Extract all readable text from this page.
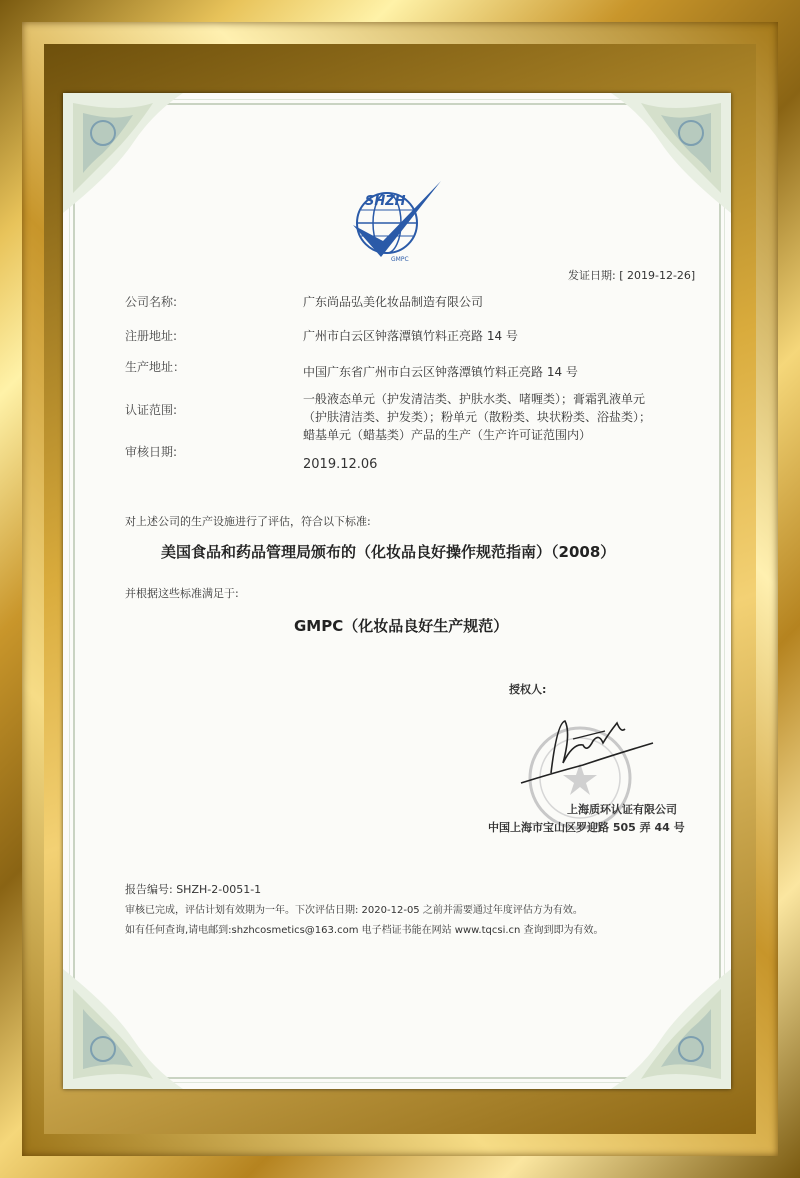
SHZH
GMPC
发证日期: [ 2019-12-26]
公司名称:	广东尚品弘美化妆品制造有限公司
注册地址:	广州市白云区钟落潭镇竹料正亮路 14 号
生产地址：	中国广东省广州市白云区钟落潭镇竹料正亮路 14 号
认证范围:
一般液态单元（护发清洁类、护肤水类、啫喱类）；膏霜乳液单元
（护肤清洁类、护发类）；粉单元（散粉类、块状粉类、浴盐类）；
蜡基单元（蜡基类）产品的生产（生产许可证范围内）
审核日期:
2019.12.06
对上述公司的生产设施进行了评估，符合以下标准:
美国食品和药品管理局颁布的（化妆品良好操作规范指南）（2008）
并根据这些标准满足于:
GMPC（化妆品良好生产规范）
授权人:
上海质环认证有限公司
中国上海市宝山区罗迎路 505 弄 44 号
报告编号: SHZH-2-0051-1
审核已完成，评估计划有效期为一年。下次评估日期: 2020-12-05 之前并需要通过年度评估方为有效。
如有任何查询,请电邮到:shzhcosmetics@163.com 电子档证书能在网站 www.tqcsi.cn 查询到即为有效。
